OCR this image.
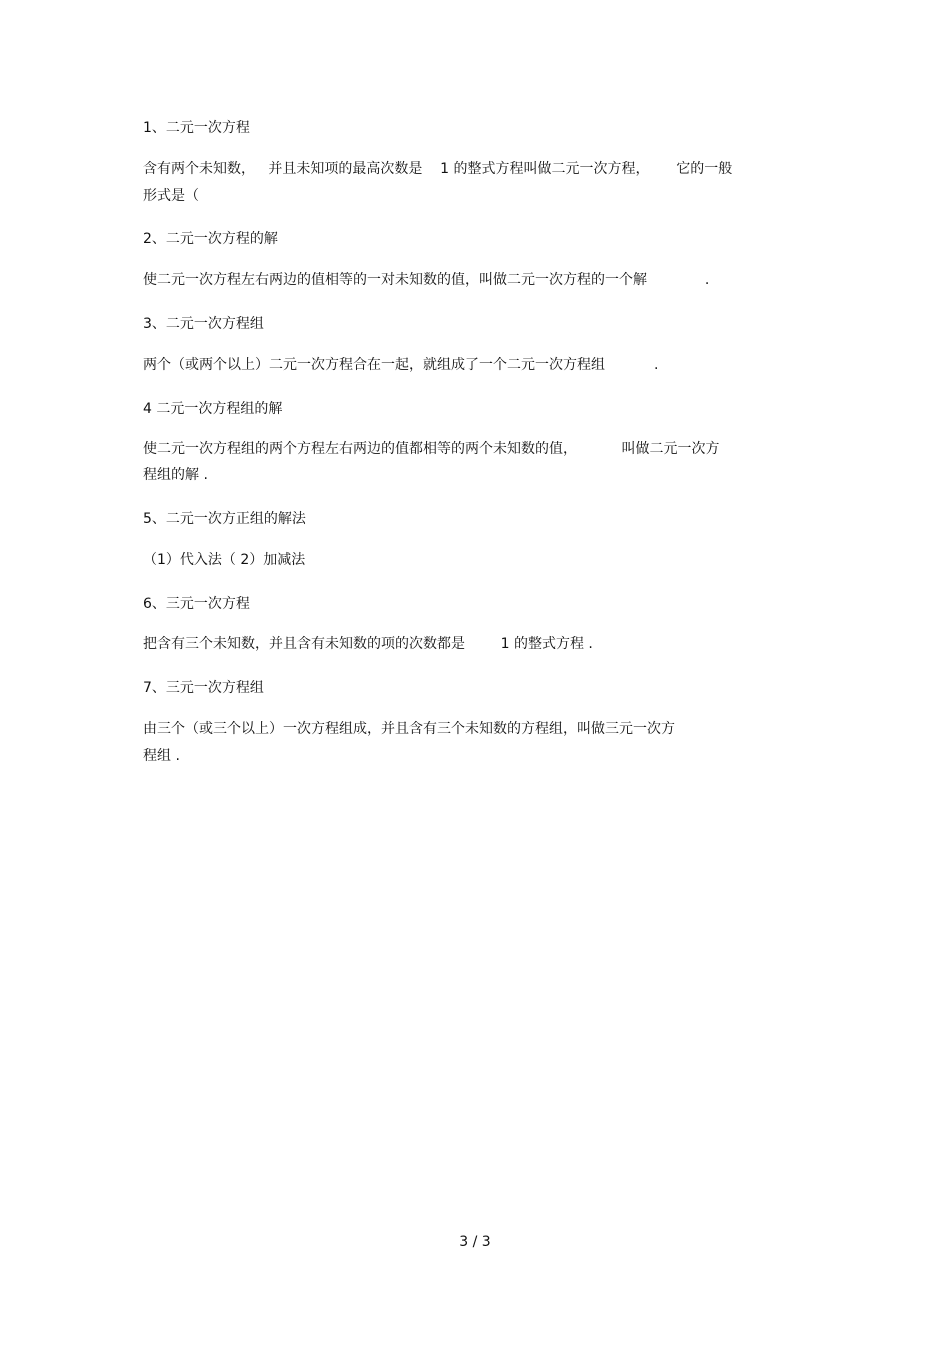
1、二元一次方程

含有两个未知数，   并且未知项的最高次数是    1 的整式方程叫做二元一次方程，      它的一般

形式是（

2、二元一次方程的解

使二元一次方程左右两边的值相等的一对未知数的值，叫做二元一次方程的一个解             .

3、二元一次方程组

两个（或两个以上）二元一次方程合在一起，就组成了一个二元一次方程组           .

4 二元一次方程组的解

使二元一次方程组的两个方程左右两边的值都相等的两个未知数的值，          叫做二元一次方

程组的解 .

5、二元一次方正组的解法

（1）代入法（ 2）加减法

6、三元一次方程

把含有三个未知数，并且含有未知数的项的次数都是        1 的整式方程 .

7、三元一次方程组

由三个（或三个以上）一次方程组成，并且含有三个未知数的方程组，叫做三元一次方

程组 .

3 / 3
